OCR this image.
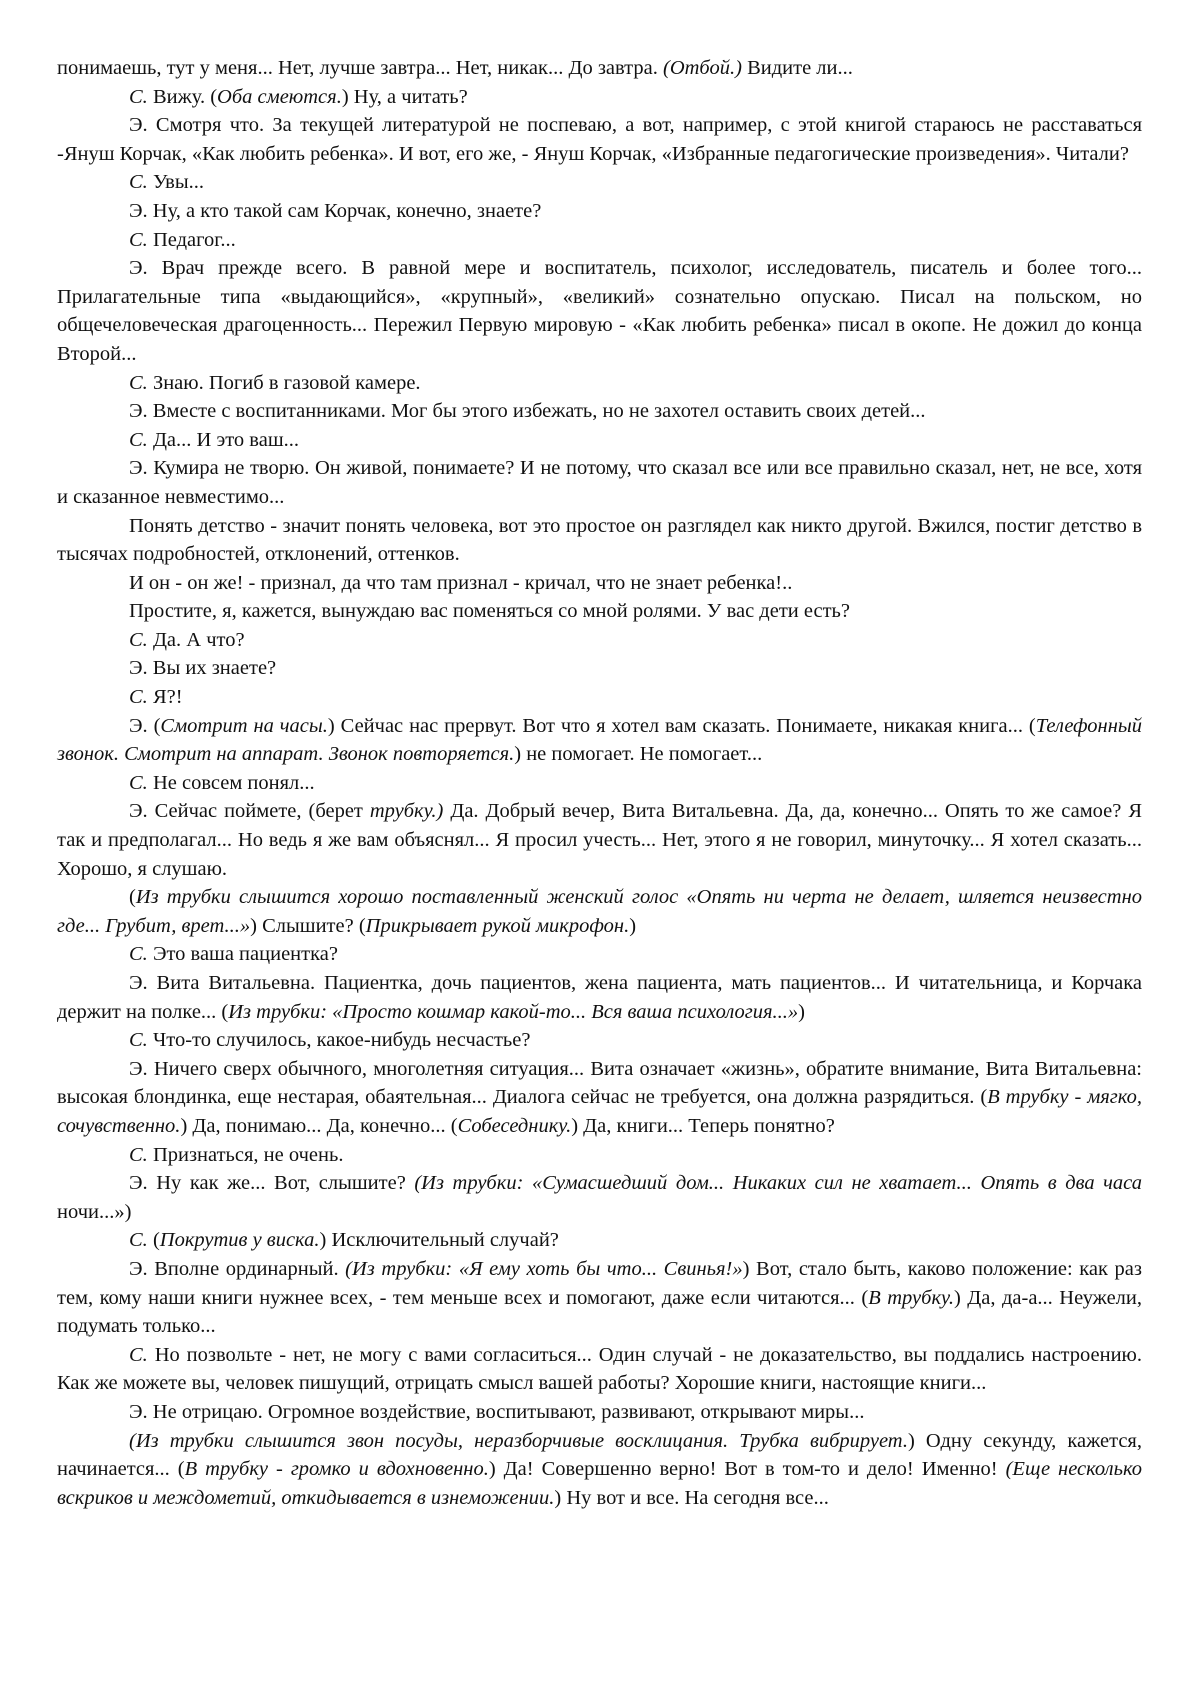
понимаешь, тут у меня... Нет, лучше завтра... Нет, никак... До завтра. (Отбой.) Видите ли...

С. Вижу. (Оба смеются.) Ну, а читать?

Э. Смотря что. За текущей литературой не поспеваю, а вот, например, с этой книгой стараюсь не расставаться -Януш Корчак, «Как любить ребенка». И вот, его же, - Януш Корчак, «Избранные педагогические произведения». Читали?

С. Увы...

Э. Ну, а кто такой сам Корчак, конечно, знаете?

С. Педагог...

Э. Врач прежде всего. В равной мере и воспитатель, психолог, исследователь, писатель и более того... Прилагательные типа «выдающийся», «крупный», «великий» сознательно опускаю. Писал на польском, но общечеловеческая драгоценность... Пережил Первую мировую - «Как любить ребенка» писал в окопе. Не дожил до конца Второй...

С. Знаю. Погиб в газовой камере.

Э. Вместе с воспитанниками. Мог бы этого избежать, но не захотел оставить своих детей...

С. Да... И это ваш...

Э. Кумира не творю. Он живой, понимаете? И не потому, что сказал все или все правильно сказал, нет, не все, хотя и сказанное невместимо...

Понять детство - значит понять человека, вот это простое он разглядел как никто другой. Вжился, постиг детство в тысячах подробностей, отклонений, оттенков.

И он - он же! - признал, да что там признал - кричал, что не знает ребенка!..

Простите, я, кажется, вынуждаю вас поменяться со мной ролями. У вас дети есть?

С. Да. А что?

Э. Вы их знаете?

С. Я?!

Э. (Смотрит на часы.) Сейчас нас прервут. Вот что я хотел вам сказать. Понимаете, никакая книга... (Телефонный звонок. Смотрит на аппарат. Звонок повторяется.) не помогает. Не помогает...

С. Не совсем понял...

Э. Сейчас поймете, (берет трубку.) Да. Добрый вечер, Вита Витальевна. Да, да, конечно... Опять то же самое? Я так и предполагал... Но ведь я же вам объяснял... Я просил учесть... Нет, этого я не говорил, минуточку... Я хотел сказать... Хорошо, я слушаю.

(Из трубки слышится хорошо поставленный женский голос «Опять ни черта не делает, шляется неизвестно где... Грубит, врет...») Слышите? (Прикрывает рукой микрофон.)

С. Это ваша пациентка?

Э. Вита Витальевна. Пациентка, дочь пациентов, жена пациента, мать пациентов... И читательница, и Корчака держит на полке... (Из трубки: «Просто кошмар какой-то... Вся ваша психология...»)

С. Что-то случилось, какое-нибудь несчастье?

Э. Ничего сверх обычного, многолетняя ситуация... Вита означает «жизнь», обратите внимание, Вита Витальевна: высокая блондинка, еще нестарая, обаятельная... Диалога сейчас не требуется, она должна разрядиться. (В трубку - мягко, сочувственно.) Да, понимаю... Да, конечно... (Собеседнику.) Да, книги... Теперь понятно?

С. Признаться, не очень.

Э. Ну как же... Вот, слышите? (Из трубки: «Сумасшедший дом... Никаких сил не хватает... Опять в два часа ночи...»)

С. (Покрутив у виска.) Исключительный случай?

Э. Вполне ординарный. (Из трубки: «Я ему хоть бы что... Свинья!») Вот, стало быть, каково положение: как раз тем, кому наши книги нужнее всех, - тем меньше всех и помогают, даже если читаются... (В трубку.) Да, да-а... Неужели, подумать только...

С. Но позвольте - нет, не могу с вами согласиться... Один случай - не доказательство, вы поддались настроению. Как же можете вы, человек пишущий, отрицать смысл вашей работы? Хорошие книги, настоящие книги...

Э. Не отрицаю. Огромное воздействие, воспитывают, развивают, открывают миры...

(Из трубки слышится звон посуды, неразборчивые восклицания. Трубка вибрирует.) Одну секунду, кажется, начинается... (В трубку - громко и вдохновенно.) Да! Совершенно верно! Вот в том-то и дело! Именно! (Еще несколько вскриков и междометий, откидывается в изнеможении.) Ну вот и все. На сегодня все...
